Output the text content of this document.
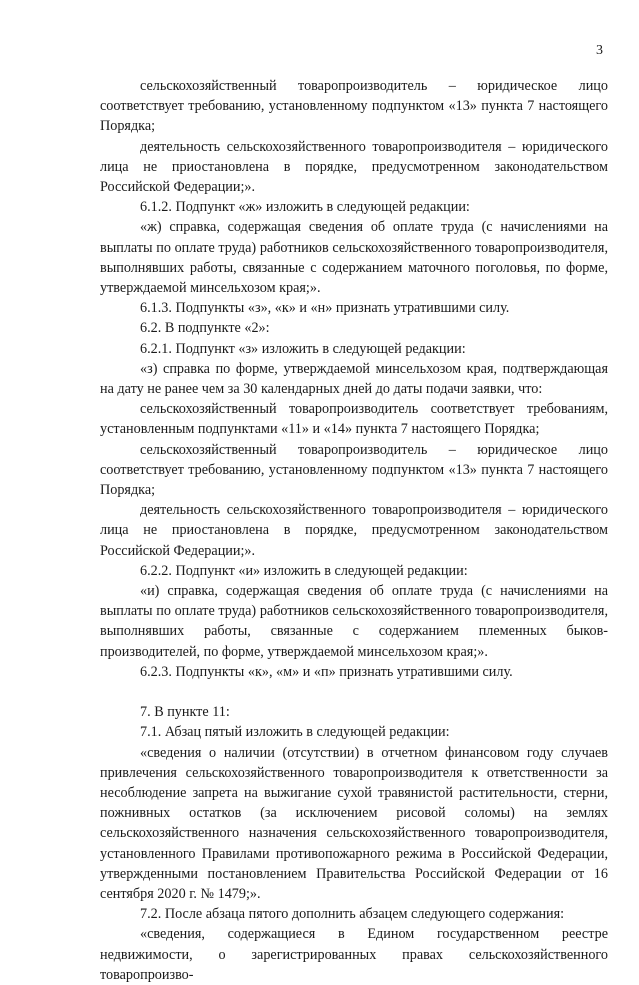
3

сельскохозяйственный товаропроизводитель – юридическое лицо соответствует требованию, установленному подпунктом «13» пункта 7 настоящего Порядка;

деятельность сельскохозяйственного товаропроизводителя – юридического лица не приостановлена в порядке, предусмотренном законодательством Российской Федерации;».

6.1.2. Подпункт «ж» изложить в следующей редакции:

«ж) справка, содержащая сведения об оплате труда (с начислениями на выплаты по оплате труда) работников сельскохозяйственного товаропроизводителя, выполнявших работы, связанные с содержанием маточного поголовья, по форме, утверждаемой минсельхозом края;».

6.1.3. Подпункты «з», «к» и «н» признать утратившими силу.

6.2. В подпункте «2»:

6.2.1. Подпункт «з» изложить в следующей редакции:

«з) справка по форме, утверждаемой минсельхозом края, подтверждающая на дату не ранее чем за 30 календарных дней до даты подачи заявки, что:

сельскохозяйственный товаропроизводитель соответствует требованиям, установленным подпунктами «11» и «14» пункта 7 настоящего Порядка;

сельскохозяйственный товаропроизводитель – юридическое лицо соответствует требованию, установленному подпунктом «13» пункта 7 настоящего Порядка;

деятельность сельскохозяйственного товаропроизводителя – юридического лица не приостановлена в порядке, предусмотренном законодательством Российской Федерации;».

6.2.2. Подпункт «и» изложить в следующей редакции:

«и) справка, содержащая сведения об оплате труда (с начислениями на выплаты по оплате труда) работников сельскохозяйственного товаропроизводителя, выполнявших работы, связанные с содержанием племенных быков-производителей, по форме, утверждаемой минсельхозом края;».

6.2.3. Подпункты «к», «м» и «п» признать утратившими силу.

7. В пункте 11:

7.1. Абзац пятый изложить в следующей редакции:

«сведения о наличии (отсутствии) в отчетном финансовом году случаев привлечения сельскохозяйственного товаропроизводителя к ответственности за несоблюдение запрета на выжигание сухой травянистой растительности, стерни, пожнивных остатков (за исключением рисовой соломы) на землях сельскохозяйственного назначения сельскохозяйственного товаропроизводителя, установленного Правилами противопожарного режима в Российской Федерации, утвержденными постановлением Правительства Российской Федерации от 16 сентября 2020 г. № 1479;».

7.2. После абзаца пятого дополнить абзацем следующего содержания:

«сведения, содержащиеся в Едином государственном реестре недвижимости, о зарегистрированных правах сельскохозяйственного товаропроизво-
